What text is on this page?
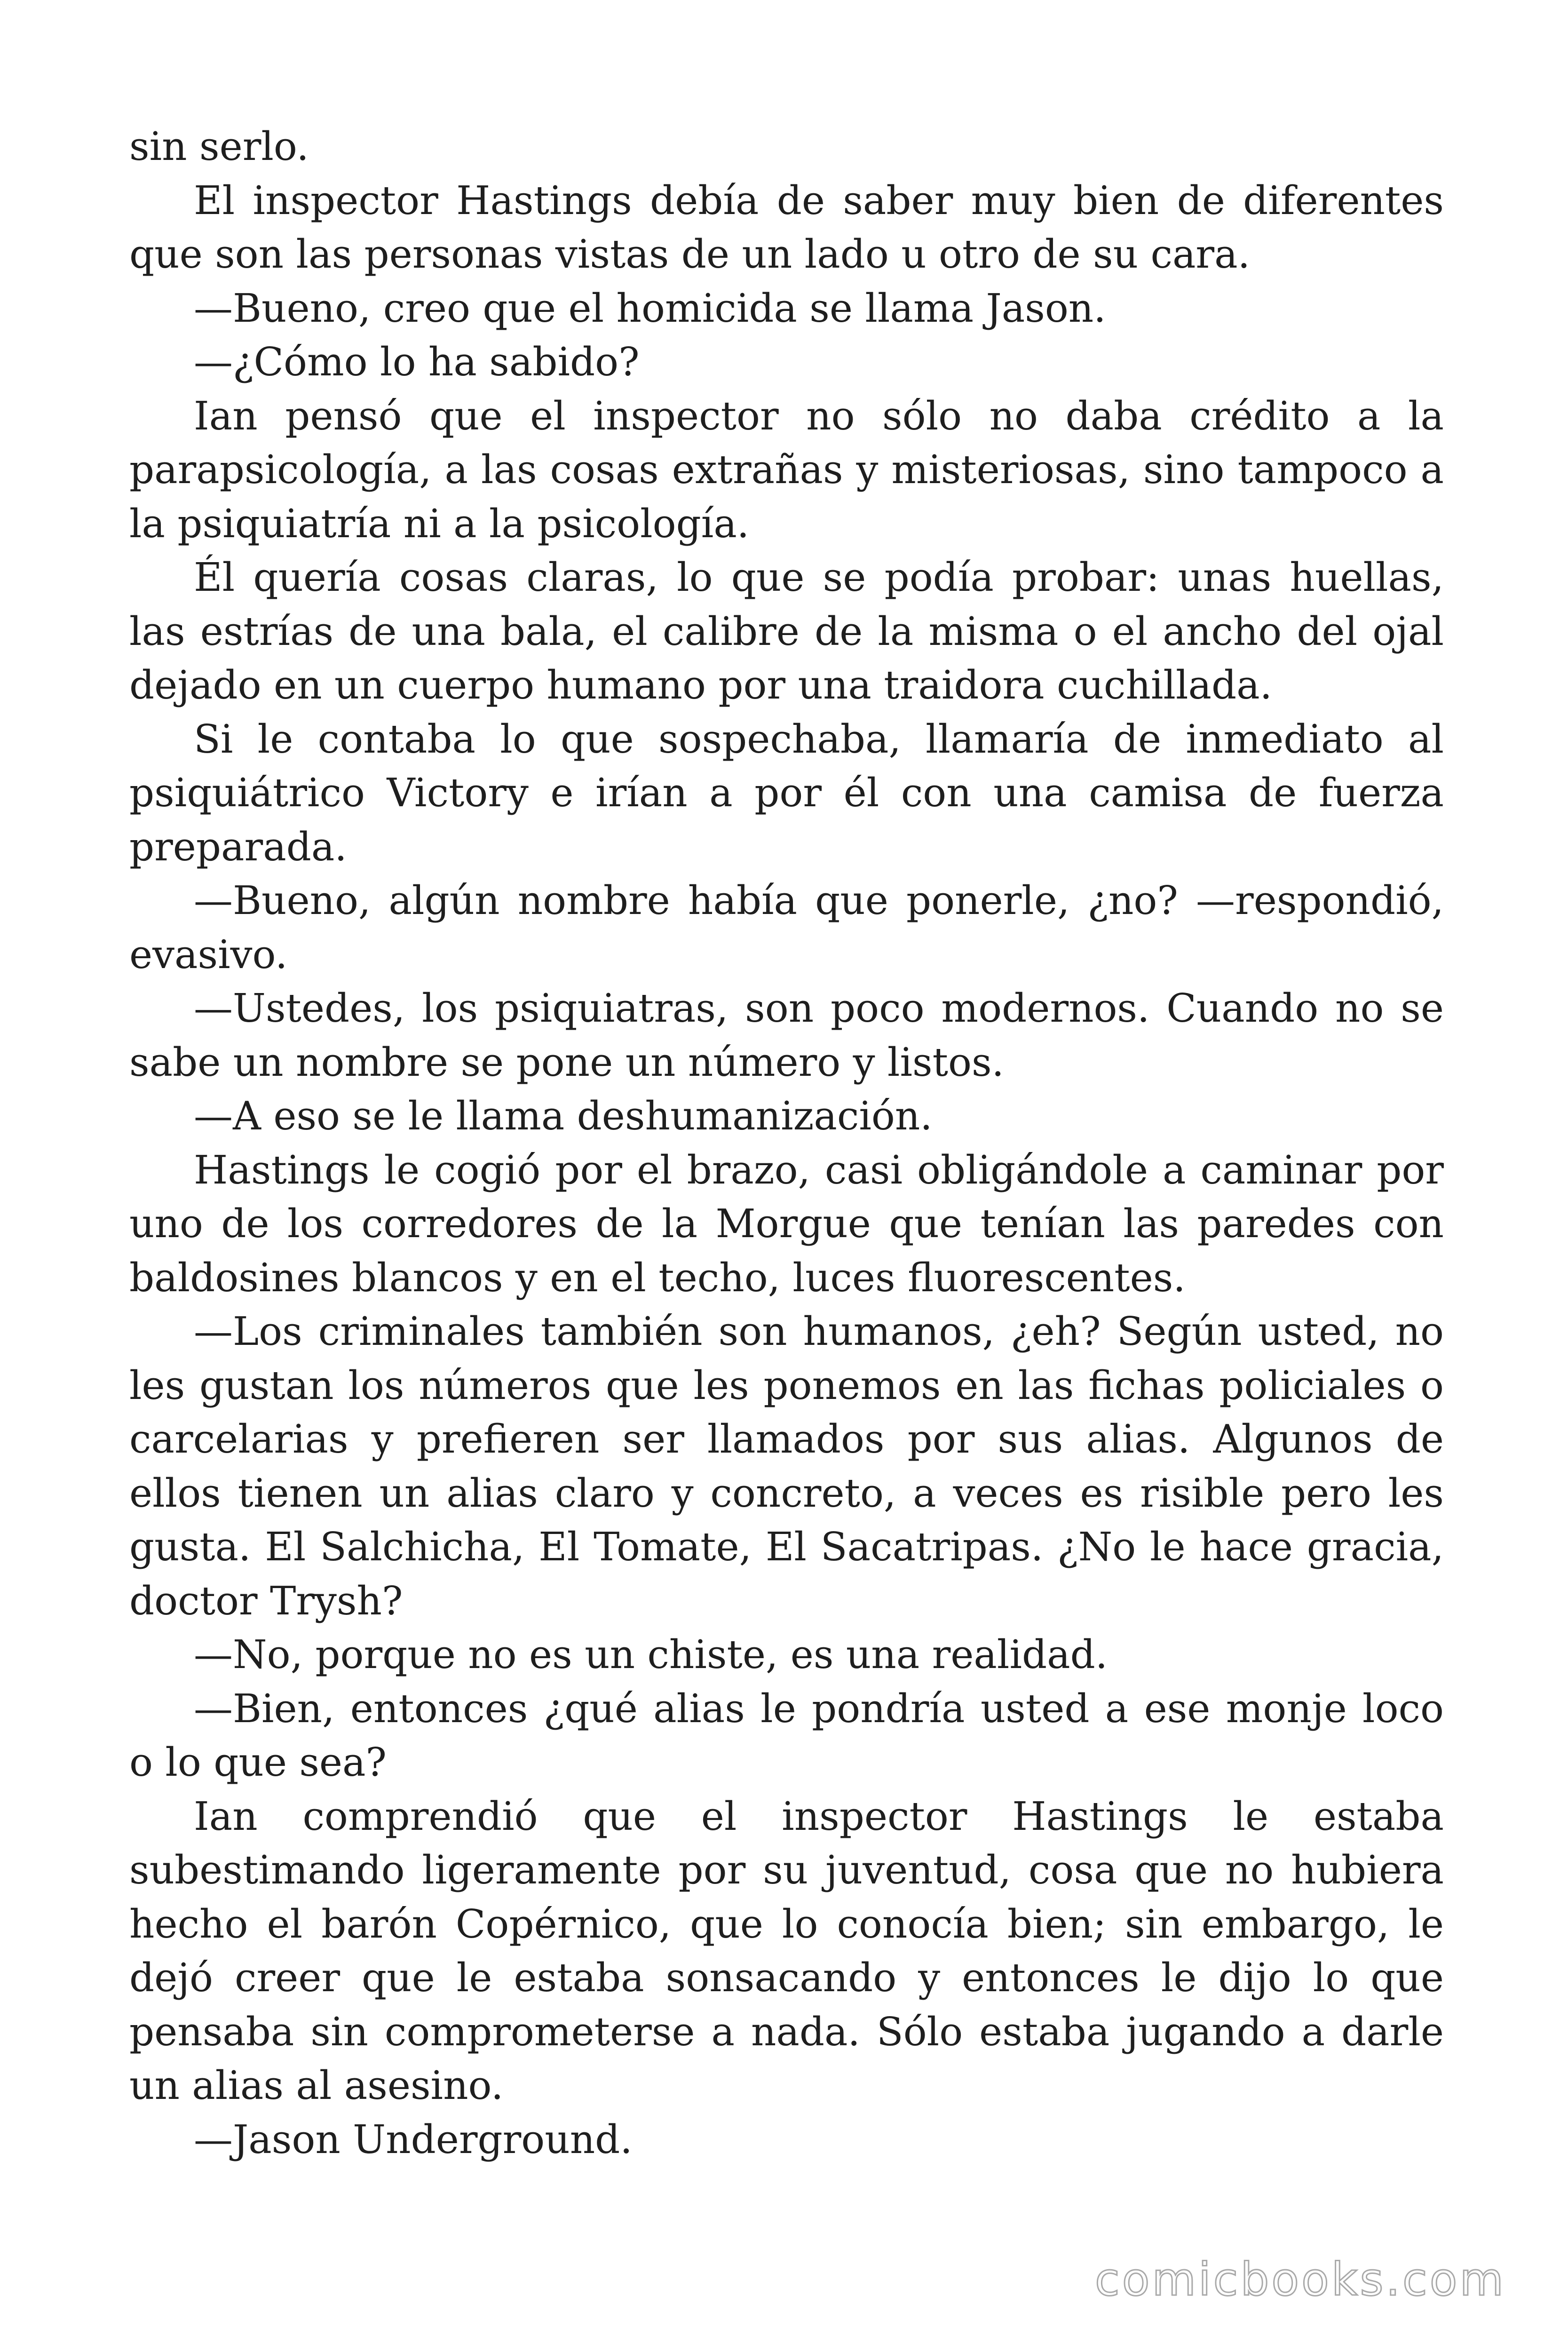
sin serlo.

El inspector Hastings debía de saber muy bien de diferentes que son las personas vistas de un lado u otro de su cara.

—Bueno, creo que el homicida se llama Jason.

—¿Cómo lo ha sabido?

Ian pensó que el inspector no sólo no daba crédito a la parapsicología, a las cosas extrañas y misteriosas, sino tampoco a la psiquiatría ni a la psicología.

Él quería cosas claras, lo que se podía probar: unas huellas, las estrías de una bala, el calibre de la misma o el ancho del ojal dejado en un cuerpo humano por una traidora cuchillada.

Si le contaba lo que sospechaba, llamaría de inmediato al psiquiátrico Victory e irían a por él con una camisa de fuerza preparada.

—Bueno, algún nombre había que ponerle, ¿no? —respondió, evasivo.

—Ustedes, los psiquiatras, son poco modernos. Cuando no se sabe un nombre se pone un número y listos.

—A eso se le llama deshumanización.

Hastings le cogió por el brazo, casi obligándole a caminar por uno de los corredores de la Morgue que tenían las paredes con baldosines blancos y en el techo, luces fluorescentes.

—Los criminales también son humanos, ¿eh? Según usted, no les gustan los números que les ponemos en las fichas policiales o carcelarias y prefieren ser llamados por sus alias. Algunos de ellos tienen un alias claro y concreto, a veces es risible pero les gusta. El Salchicha, El Tomate, El Sacatripas. ¿No le hace gracia, doctor Trysh?

—No, porque no es un chiste, es una realidad.

—Bien, entonces ¿qué alias le pondría usted a ese monje loco o lo que sea?

Ian comprendió que el inspector Hastings le estaba subestimando ligeramente por su juventud, cosa que no hubiera hecho el barón Copérnico, que lo conocía bien; sin embargo, le dejó creer que le estaba sonsacando y entonces le dijo lo que pensaba sin comprometerse a nada. Sólo estaba jugando a darle un alias al asesino.

—Jason Underground.

comicbooks.com
